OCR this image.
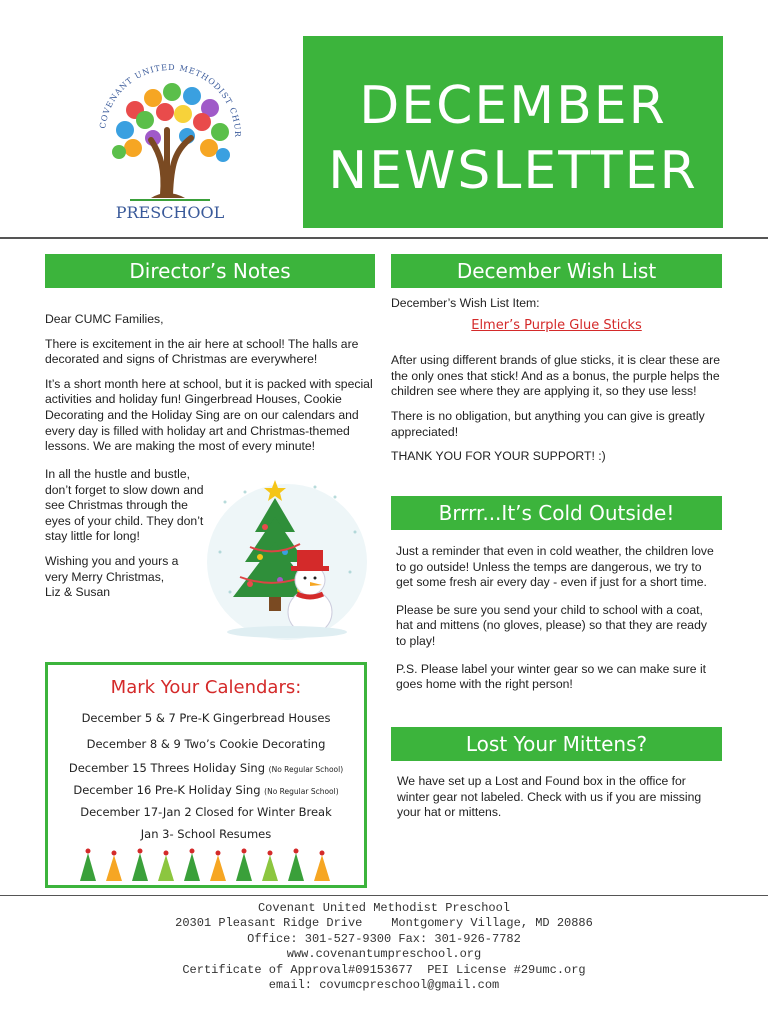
COVENANT UNITED METHODIST CHUR
PRESCHOOL
DECEMBER
NEWSLETTER
Director’s Notes

Dear CUMC Families,

There is excitement in the air here at school! The halls are decorated and signs of Christmas are everywhere!

It’s a short month here at school, but it is packed with special activities and holiday fun! Gingerbread Houses, Cookie Decorating and the Holiday Sing are on our calendars and every day is filled with holiday art and Christmas-themed lessons. We are making the most of every minute!

In all the hustle and bustle, don’t forget to slow down and see Christmas through the eyes of your child. They don’t stay little for long!

Wishing you and yours a
very Merry Christmas,
Liz & Susan
Mark Your Calendars:
December 5 & 7 Pre-K Gingerbread Houses
December 8 & 9 Two’s Cookie Decorating
December 15 Threes Holiday Sing (No Regular School)
December 16 Pre-K Holiday Sing (No Regular School)
December 17-Jan 2 Closed for Winter Break
Jan 3- School Resumes
December Wish List
December’s Wish List Item:
Elmer’s Purple Glue Sticks

After using different brands of glue sticks, it is clear these are the only ones that stick! And as a bonus, the purple helps the children see where they are applying it, so they use less!

There is no obligation, but anything you can give is greatly appreciated!

THANK YOU FOR YOUR SUPPORT! :)

Brrrr...It’s Cold Outside!

Just a reminder that even in cold weather, the children love to go outside! Unless the temps are dangerous, we try to get some fresh air every day - even if just for a short time.

Please be sure you send your child to school with a coat, hat and mittens (no gloves, please) so that they are ready to play!

P.S. Please label your winter gear so we can make sure it goes home with the right person!

Lost Your Mittens?

We have set up a Lost and Found box in the office for winter gear not labeled. Check with us if you are missing your hat or mittens.

Covenant United Methodist Preschool
20301 Pleasant Ridge Drive    Montgomery Village, MD 20886
Office: 301-527-9300 Fax: 301-926-7782
www.covenantumpreschool.org
Certificate of Approval#09153677  PEI License #29umc.org
email: covumcpreschool@gmail.com
